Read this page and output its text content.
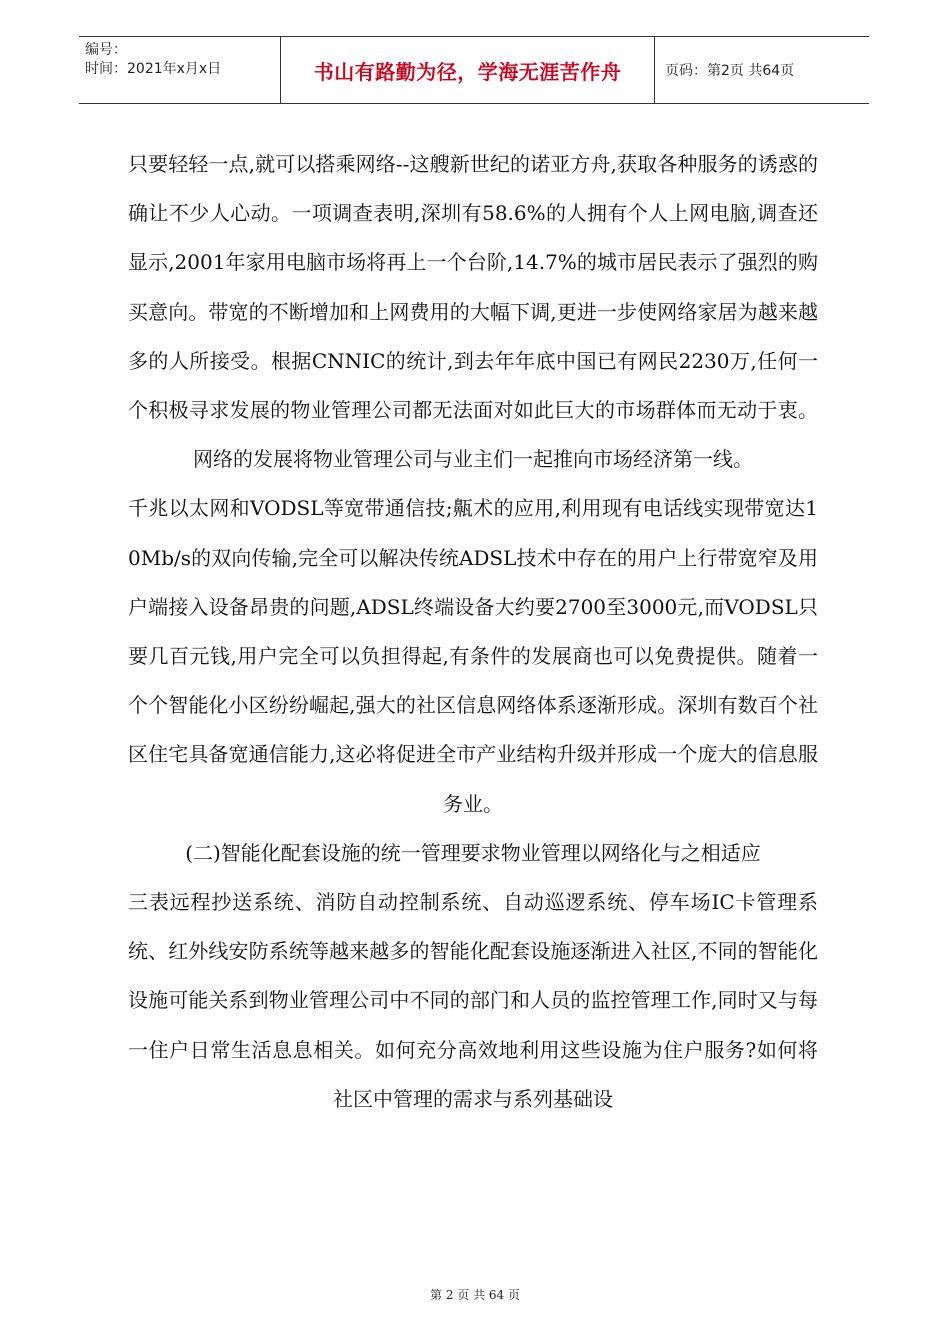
编号：
时间：2021年x月x日	书山有路勤为径，学海无涯苦作舟	页码：第2页 共64页

只要轻轻一点,就可以搭乘网络--这艘新世纪的诺亚方舟,获取各种服务的诱惑的确让不少人心动。一项调查表明,深圳有58.6%的人拥有个人上网电脑,调查还显示,2001年家用电脑市场将再上一个台阶,14.7%的城市居民表示了强烈的购买意向。带宽的不断增加和上网费用的大幅下调,更进一步使网络家居为越来越多的人所接受。根据CNNIC的统计,到去年年底中国已有网民2230万,任何一个积极寻求发展的物业管理公司都无法面对如此巨大的市场群体而无动于衷。网络的发展将物业管理公司与业主们一起推向市场经济第一线。

千兆以太网和VODSL等宽带通信技;齀术的应用,利用现有电话线实现带宽达10Mb/s的双向传输,完全可以解决传统ADSL技术中存在的用户上行带宽窄及用户端接入设备昂贵的问题,ADSL终端设备大约要2700至3000元,而VODSL只要几百元钱,用户完全可以负担得起,有条件的发展商也可以免费提供。随着一个个智能化小区纷纷崛起,强大的社区信息网络体系逐渐形成。深圳有数百个社区住宅具备宽通信能力,这必将促进全市产业结构升级并形成一个庞大的信息服务业。

(二)智能化配套设施的统一管理要求物业管理以网络化与之相适应

三表远程抄送系统、消防自动控制系统、自动巡逻系统、停车场IC卡管理系统、红外线安防系统等越来越多的智能化配套设施逐渐进入社区,不同的智能化设施可能关系到物业管理公司中不同的部门和人员的监控管理工作,同时又与每一住户日常生活息息相关。如何充分高效地利用这些设施为住户服务?如何将社区中管理的需求与系列基础设

第 2 页 共 64 页
